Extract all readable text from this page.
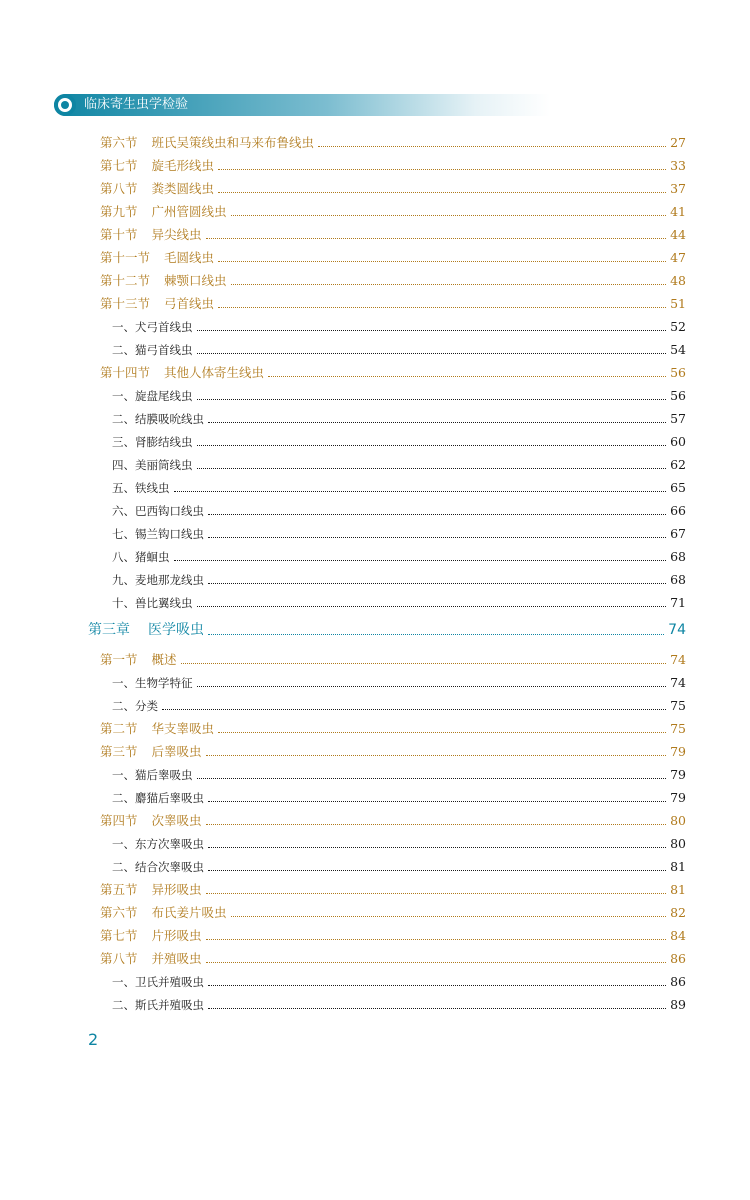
临床寄生虫学检验
第六节 班氏吴策线虫和马来布鲁线虫	27
第七节 旋毛形线虫	33
第八节 粪类圆线虫	37
第九节 广州管圆线虫	41
第十节 异尖线虫	44
第十一节 毛圆线虫	47
第十二节 棘颚口线虫	48
第十三节 弓首线虫	51
一、犬弓首线虫	52
二、猫弓首线虫	54
第十四节 其他人体寄生线虫	56
一、旋盘尾线虫	56
二、结膜吸吮线虫	57
三、肾膨结线虫	60
四、美丽筒线虫	62
五、铁线虫	65
六、巴西钩口线虫	66
七、锡兰钩口线虫	67
八、猪蛔虫	68
九、麦地那龙线虫	68
十、兽比翼线虫	71
第三章 医学吸虫	74
第一节 概述	74
一、生物学特征	74
二、分类	75
第二节 华支睾吸虫	75
第三节 后睾吸虫	79
一、猫后睾吸虫	79
二、麝猫后睾吸虫	79
第四节 次睾吸虫	80
一、东方次睾吸虫	80
二、结合次睾吸虫	81
第五节 异形吸虫	81
第六节 布氏姜片吸虫	82
第七节 片形吸虫	84
第八节 并殖吸虫	86
一、卫氏并殖吸虫	86
二、斯氏并殖吸虫	89
2
